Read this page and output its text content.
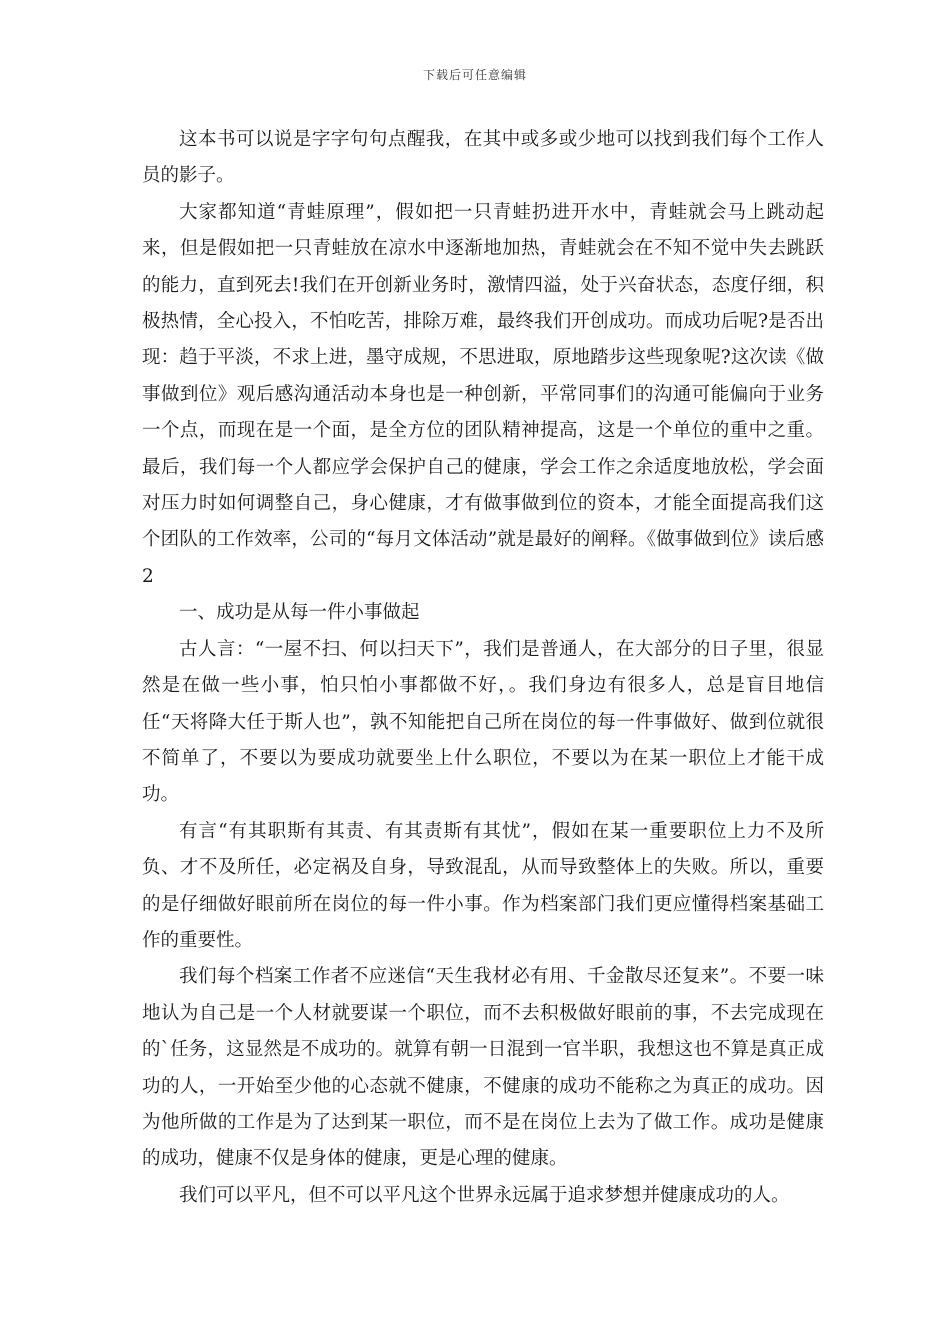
下载后可任意编辑

这本书可以说是字字句句点醒我，在其中或多或少地可以找到我们每个工作人员的影子。

大家都知道“青蛙原理”，假如把一只青蛙扔进开水中，青蛙就会马上跳动起来，但是假如把一只青蛙放在凉水中逐渐地加热，青蛙就会在不知不觉中失去跳跃的能力，直到死去!我们在开创新业务时，激情四溢，处于兴奋状态，态度仔细，积极热情，全心投入，不怕吃苦，排除万难，最终我们开创成功。而成功后呢?是否出现：趋于平淡，不求上进，墨守成规，不思进取，原地踏步这些现象呢?这次读《做事做到位》观后感沟通活动本身也是一种创新，平常同事们的沟通可能偏向于业务一个点，而现在是一个面，是全方位的团队精神提高，这是一个单位的重中之重。最后，我们每一个人都应学会保护自己的健康，学会工作之余适度地放松，学会面对压力时如何调整自己，身心健康，才有做事做到位的资本，才能全面提高我们这个团队的工作效率，公司的“每月文体活动”就是最好的阐释。《做事做到位》读后感2

一、成功是从每一件小事做起

古人言：“一屋不扫、何以扫天下”，我们是普通人，在大部分的日子里，很显然是在做一些小事，怕只怕小事都做不好，。我们身边有很多人，总是盲目地信任“天将降大任于斯人也”，孰不知能把自己所在岗位的每一件事做好、做到位就很不简单了，不要以为要成功就要坐上什么职位，不要以为在某一职位上才能干成功。

有言“有其职斯有其责、有其责斯有其忧”，假如在某一重要职位上力不及所负、才不及所任，必定祸及自身，导致混乱，从而导致整体上的失败。所以，重要的是仔细做好眼前所在岗位的每一件小事。作为档案部门我们更应懂得档案基础工作的重要性。

我们每个档案工作者不应迷信“天生我材必有用、千金散尽还复来”。不要一味地认为自己是一个人材就要谋一个职位，而不去积极做好眼前的事，不去完成现在的`任务，这显然是不成功的。就算有朝一日混到一官半职，我想这也不算是真正成功的人，一开始至少他的心态就不健康，不健康的成功不能称之为真正的成功。因为他所做的工作是为了达到某一职位，而不是在岗位上去为了做工作。成功是健康的成功，健康不仅是身体的健康，更是心理的健康。

我们可以平凡，但不可以平凡这个世界永远属于追求梦想并健康成功的人。
